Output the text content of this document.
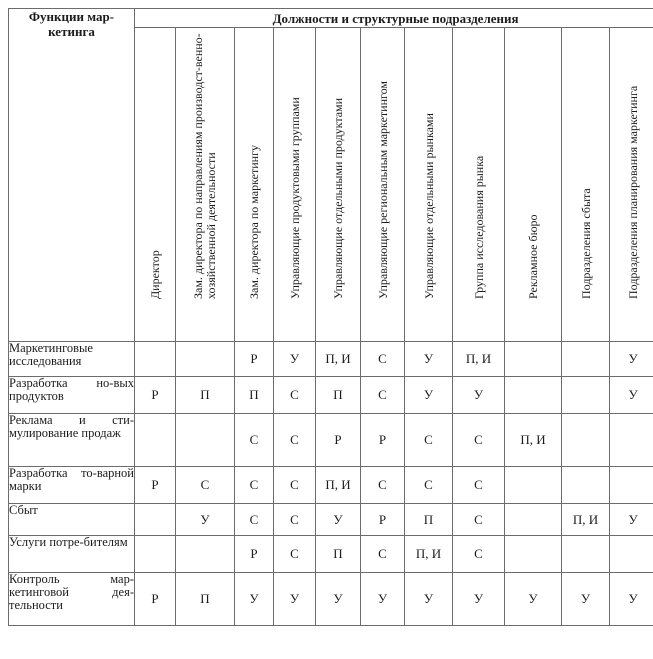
Функции мар-кетинга	Должности и структурные подразделения										

Директор	Зам. директора по направлениям производст-венно-хозяйственной деятельности	Зам. директора по маркетингу	Управляющие продуктовыми группами	Управляющие отдельными продуктами	Управляющие региональным маркетингом	Управляющие отдельными рынками	Группа исследования рынка	Рекламное бюро	Подразделения сбыта	Подразделения планирования маркетинга

Маркетинговые исследования			Р	У	П, И	С	У	П, И			У
Разработка но-вых продуктов	Р	П	П	С	П	С	У	У			У
Реклама и сти-мулирование продаж			С	С	Р	Р	С	С	П, И		
Разработка то-варной марки	Р	С	С	С	П, И	С	С	С			
Сбыт		У	С	С	У	Р	П	С		П, И	У
Услуги потре-бителям			Р	С	П	С	П, И	С			
Контроль мар-кетинговой дея-тельности	Р	П	У	У	У	У	У	У	У	У	У
